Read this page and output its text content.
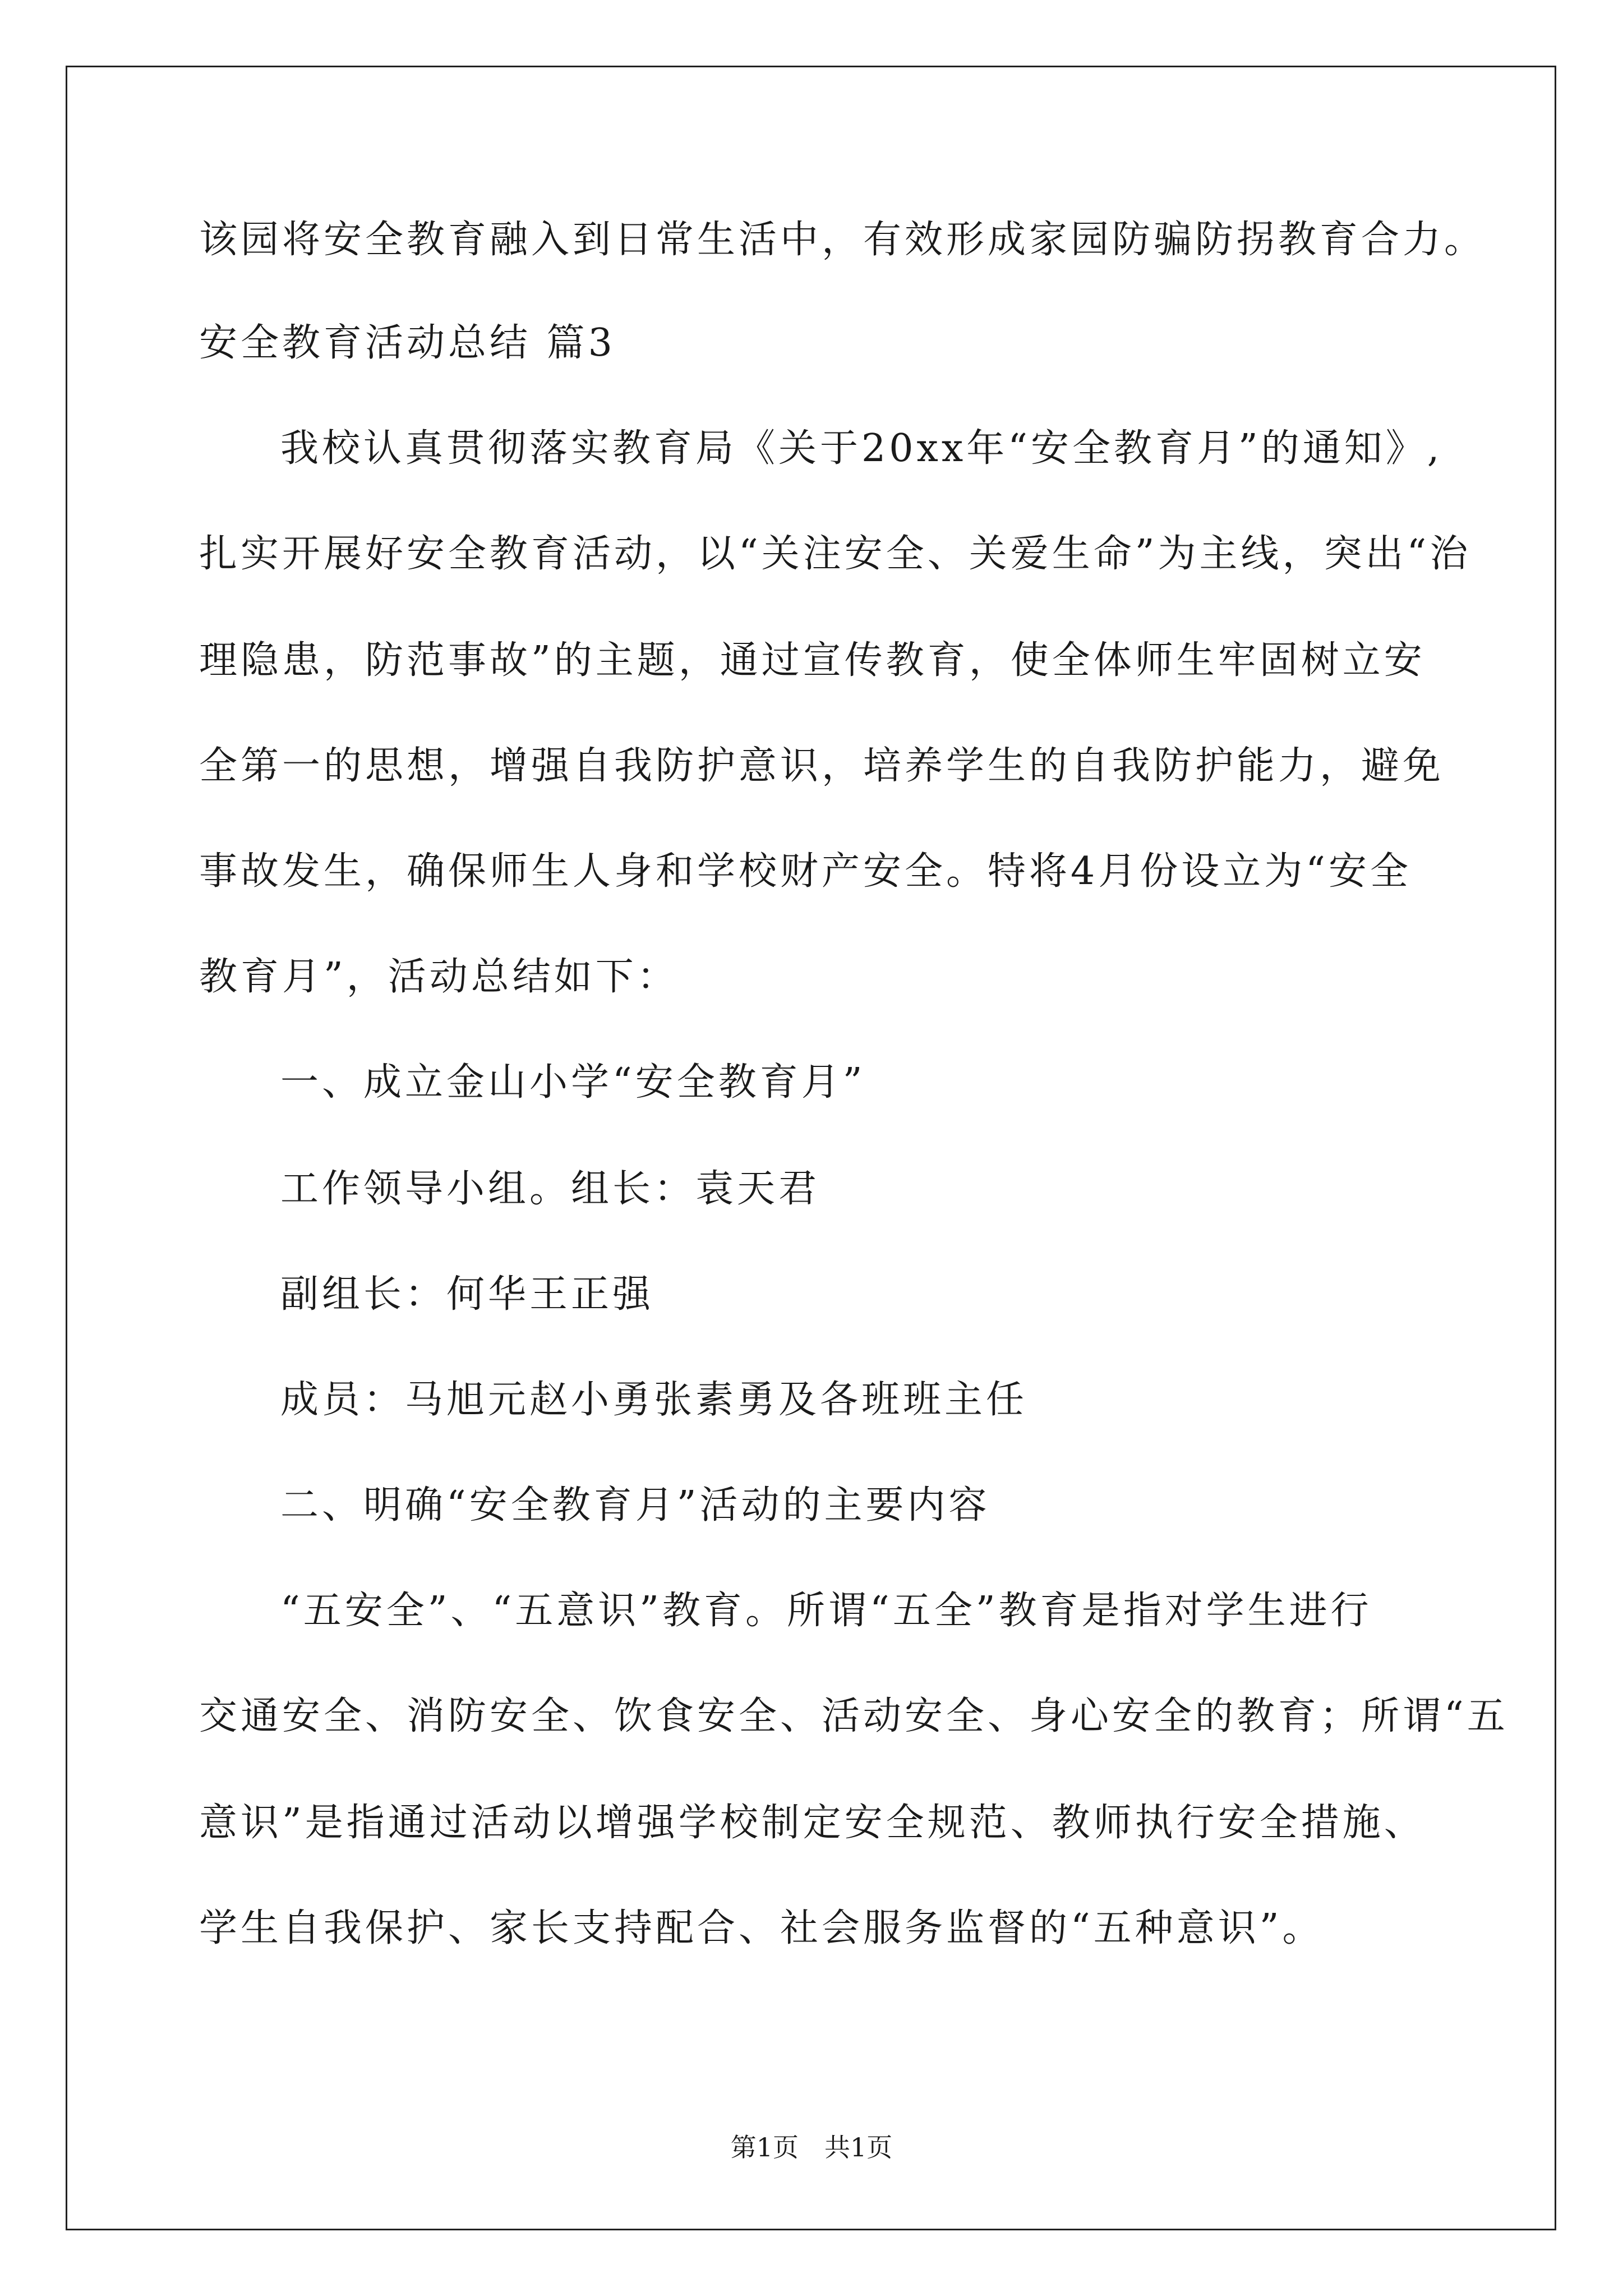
该园将安全教育融入到日常生活中，有效形成家园防骗防拐教育合力。
安全教育活动总结 篇3
我校认真贯彻落实教育局《关于20xx年“安全教育月”的通知》,
扎实开展好安全教育活动，以“关注安全、关爱生命”为主线，突出“治
理隐患，防范事故”的主题，通过宣传教育，使全体师生牢固树立安
全第一的思想，增强自我防护意识，培养学生的自我防护能力，避免
事故发生，确保师生人身和学校财产安全。特将4月份设立为“安全
教育月”，活动总结如下：
一、成立金山小学“安全教育月”
工作领导小组。组长：袁天君
副组长：何华王正强
成员：马旭元赵小勇张素勇及各班班主任
二、明确“安全教育月”活动的主要内容
“五安全”、“五意识”教育。所谓“五全”教育是指对学生进行
交通安全、消防安全、饮食安全、活动安全、身心安全的教育；所谓“五
意识”是指通过活动以增强学校制定安全规范、教师执行安全措施、
学生自我保护、家长支持配合、社会服务监督的“五种意识”。
第1页　共1页
